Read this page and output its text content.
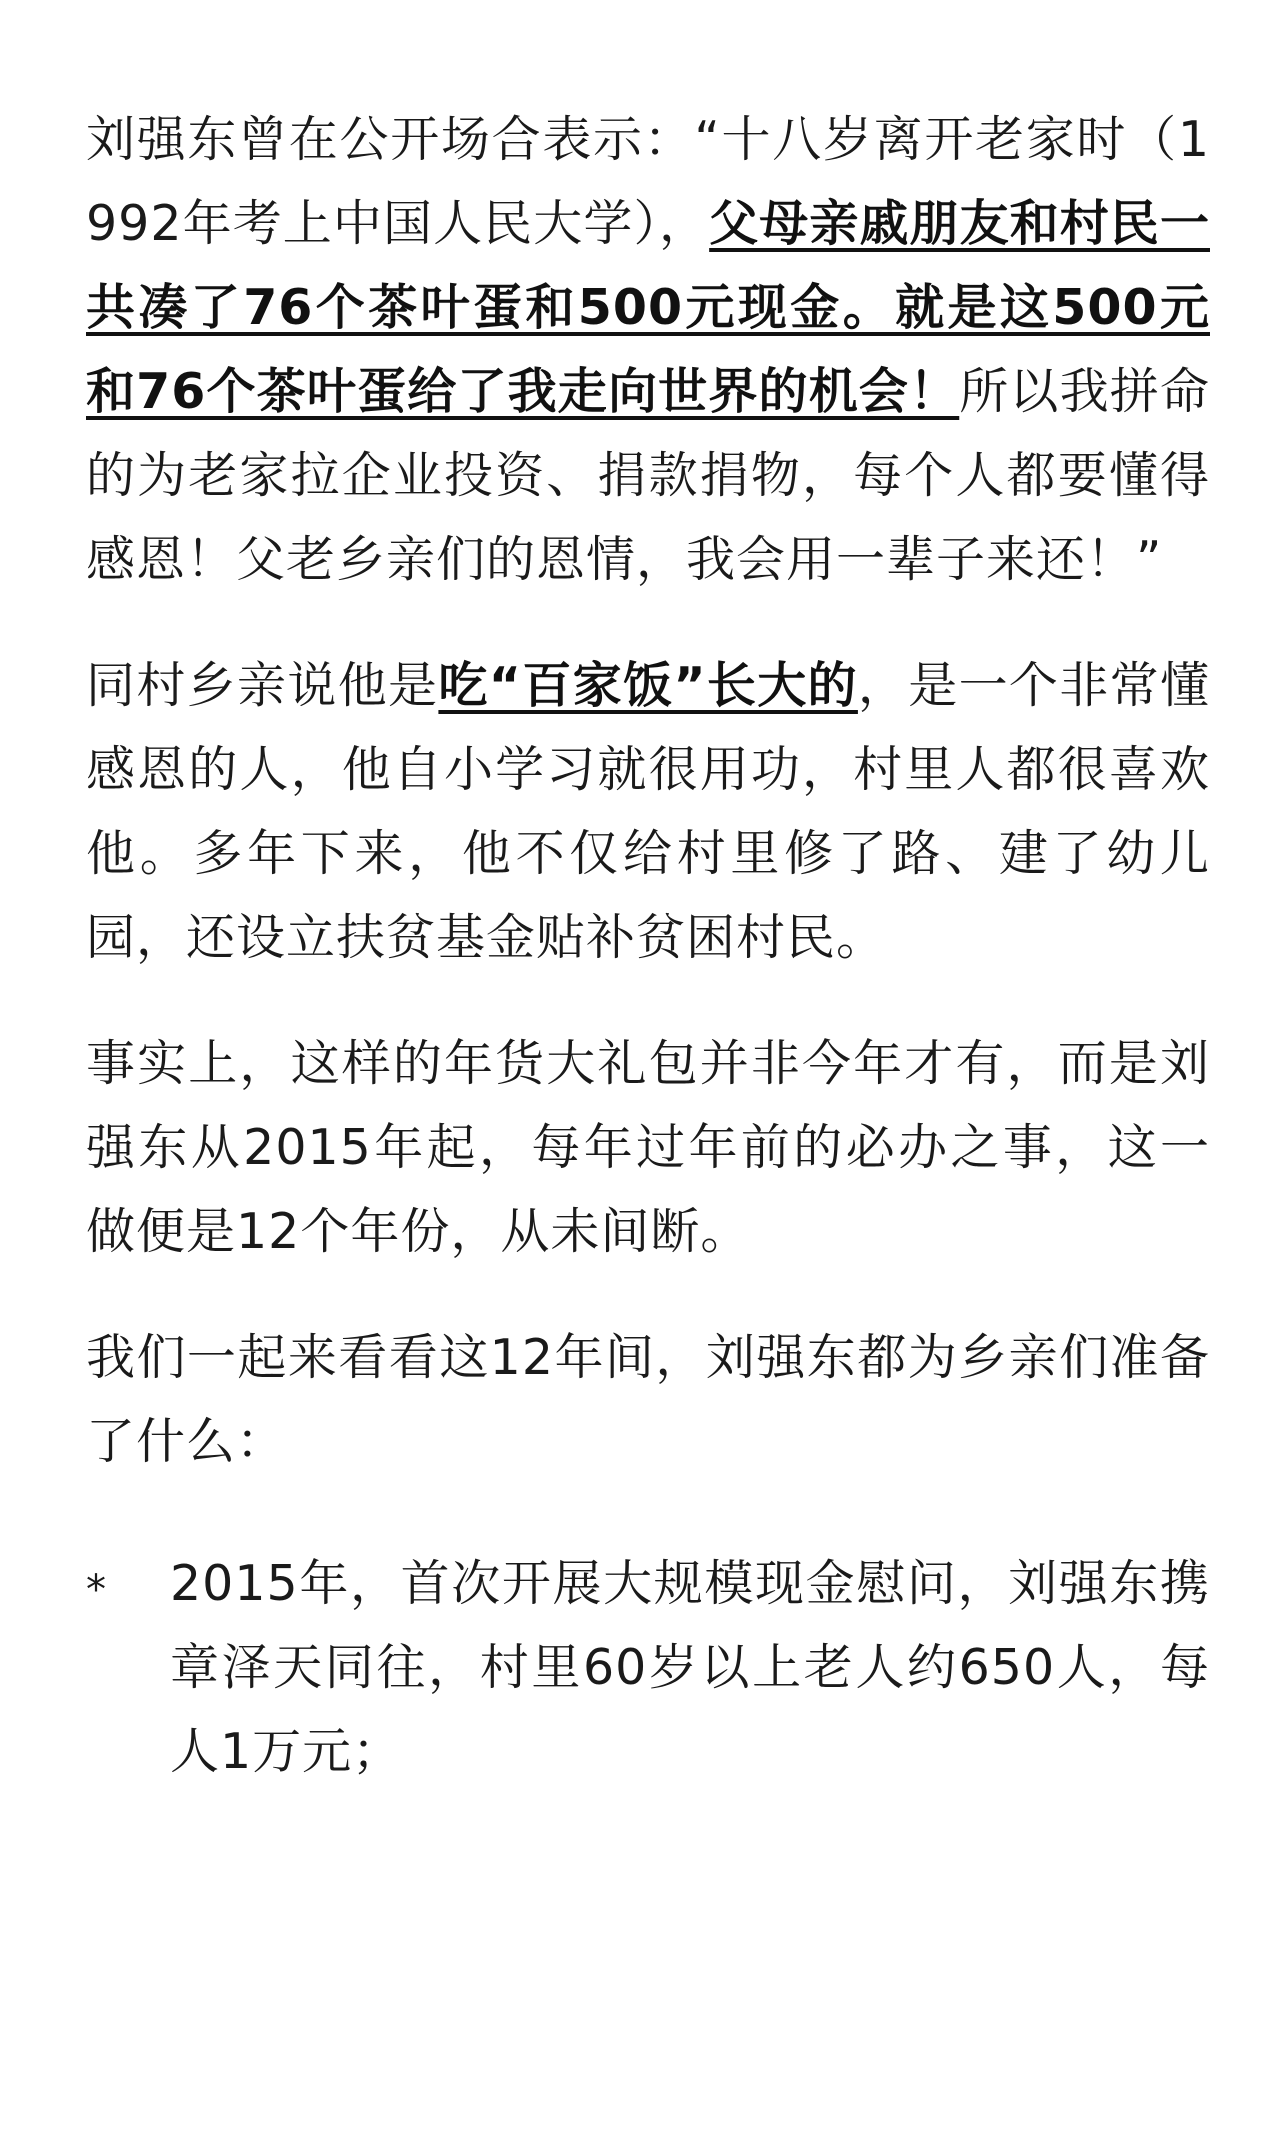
刘强东曾在公开场合表示：“十八岁离开老家时（1992年考上中国人民大学），父母亲戚朋友和村民一共凑了76个茶叶蛋和500元现金。就是这500元和76个茶叶蛋给了我走向世界的机会！所以我拼命的为老家拉企业投资、捐款捐物，每个人都要懂得感恩！父老乡亲们的恩情，我会用一辈子来还！”

同村乡亲说他是吃“百家饭”长大的，是一个非常懂感恩的人，他自小学习就很用功，村里人都很喜欢他。多年下来，他不仅给村里修了路、建了幼儿园，还设立扶贫基金贴补贫困村民。

事实上，这样的年货大礼包并非今年才有，而是刘强东从2015年起，每年过年前的必办之事，这一做便是12个年份，从未间断。

我们一起来看看这12年间，刘强东都为乡亲们准备了什么：

* 2015年，首次开展大规模现金慰问，刘强东携章泽天同往，村里60岁以上老人约650人，每人1万元；
